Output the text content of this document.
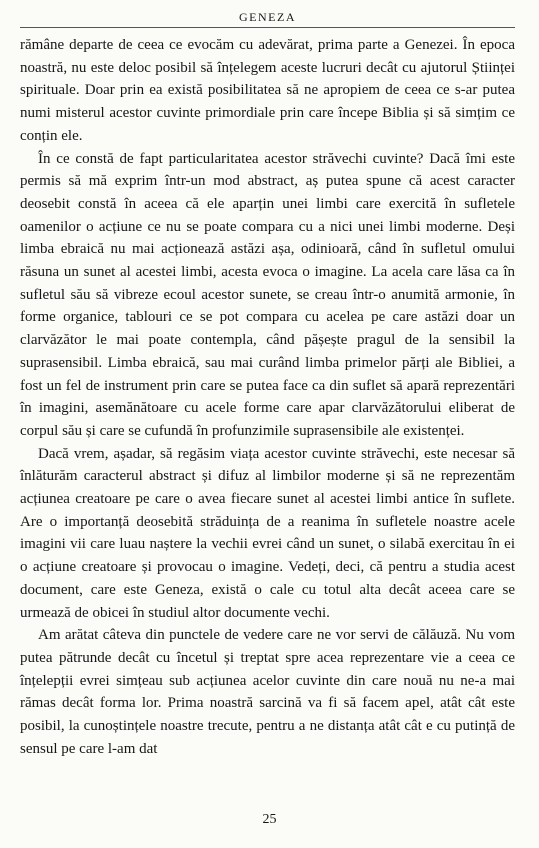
GENEZA

rămâne departe de ceea ce evocăm cu adevărat, prima parte a Genezei. În epoca noastră, nu este deloc posibil să înțelegem aceste lucruri decât cu ajutorul Științei spirituale. Doar prin ea există posibilitatea să ne apropiem de ceea ce s-ar putea numi misterul acestor cuvinte primordiale prin care începe Biblia și să simțim ce conțin ele.

În ce constă de fapt particularitatea acestor străvechi cuvinte? Dacă îmi este permis să mă exprim într-un mod abstract, aș putea spune că acest caracter deosebit constă în aceea că ele aparțin unei limbi care exercită în sufletele oamenilor o acțiune ce nu se poate compara cu a nici unei limbi moderne. Deși limba ebraică nu mai acționează astăzi așa, odinioară, când în sufletul omului răsuna un sunet al acestei limbi, acesta evoca o imagine. La acela care lăsa ca în sufletul său să vibreze ecoul acestor sunete, se creau într-o anumită armonie, în forme organice, tablouri ce se pot compara cu acelea pe care astăzi doar un clarvăzător le mai poate contempla, când pășește pragul de la sensibil la suprasensibil. Limba ebraică, sau mai curând limba primelor părți ale Bibliei, a fost un fel de instrument prin care se putea face ca din suflet să apară reprezentări în imagini, asemănătoare cu acele forme care apar clarvăzătorului eliberat de corpul său și care se cufundă în profunzimile suprasensibile ale existenței.

Dacă vrem, așadar, să regăsim viața acestor cuvinte străvechi, este necesar să înlăturăm caracterul abstract și difuz al limbilor moderne și să ne reprezentăm acțiunea creatoare pe care o avea fiecare sunet al acestei limbi antice în suflete. Are o importanță deosebită străduința de a reanima în sufletele noastre acele imagini vii care luau naștere la vechii evrei când un sunet, o silabă exercitau în ei o acțiune creatoare și provocau o imagine. Vedeți, deci, că pentru a studia acest document, care este Geneza, există o cale cu totul alta decât aceea care se urmează de obicei în studiul altor documente vechi.

Am arătat câteva din punctele de vedere care ne vor servi de călăuză. Nu vom putea pătrunde decât cu încetul și treptat spre acea reprezentare vie a ceea ce înțelepții evrei simțeau sub acțiunea acelor cuvinte din care nouă nu ne-a mai rămas decât forma lor. Prima noastră sarcină va fi să facem apel, atât cât este posibil, la cunoștințele noastre trecute, pentru a ne distanța atât cât e cu putință de sensul pe care l-am dat

25
